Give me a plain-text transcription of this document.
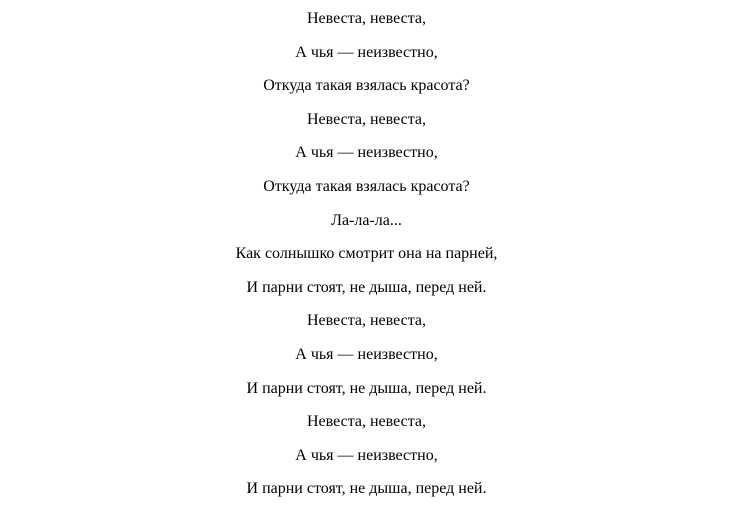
Невеста, невеста,
А чья — неизвестно,
Откуда такая взялась красота?
Невеста, невеста,
А чья — неизвестно,
Откуда такая взялась красота?
Ла-ла-ла...
Как солнышко смотрит она на парней,
И парни стоят, не дыша, перед ней.
Невеста, невеста,
А чья — неизвестно,
И парни стоят, не дыша, перед ней.
Невеста, невеста,
А чья — неизвестно,
И парни стоят, не дыша, перед ней.
